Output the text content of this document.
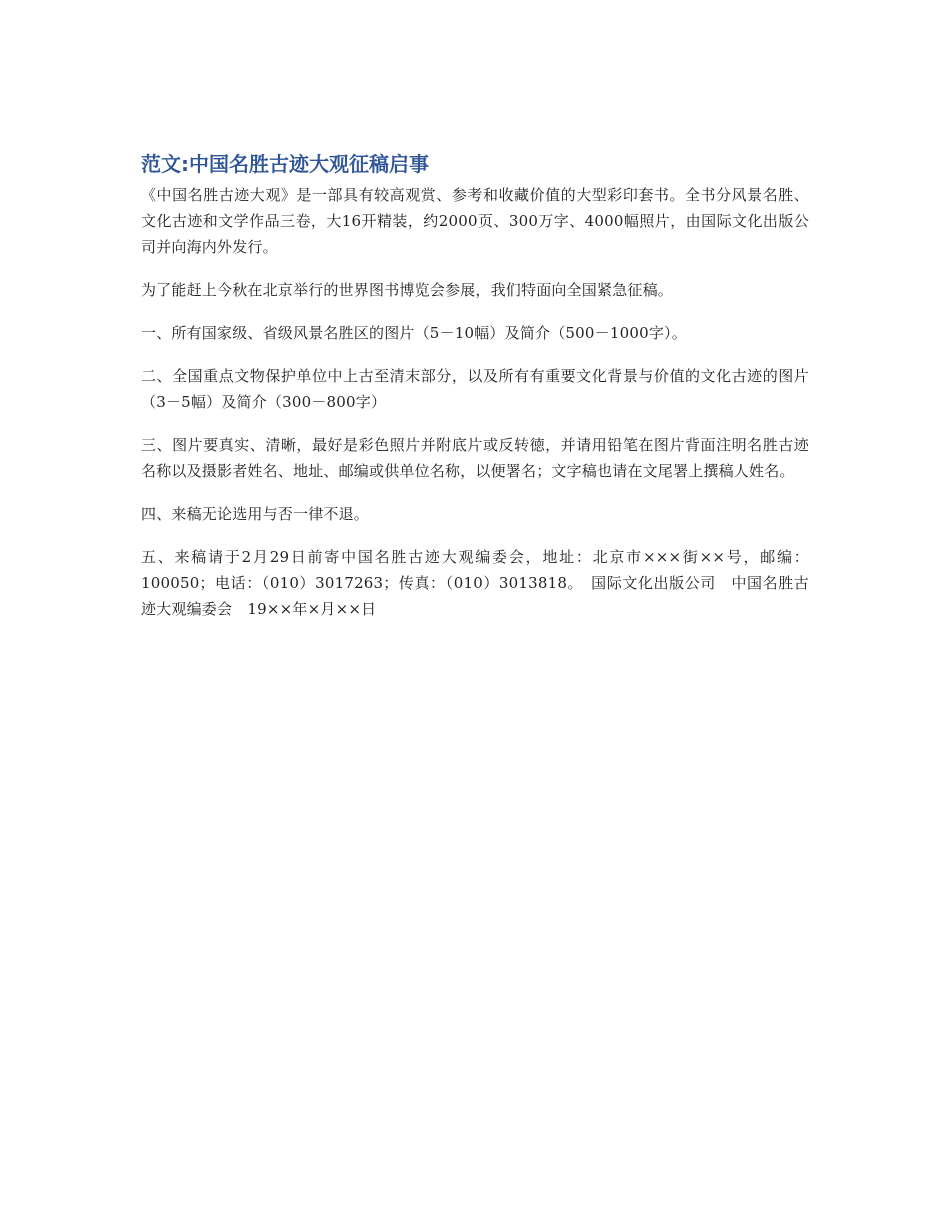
范文:中国名胜古迹大观征稿启事

《中国名胜古迹大观》是一部具有较高观赏、参考和收藏价值的大型彩印套书。全书分风景名胜、文化古迹和文学作品三卷，大16开精装，约2000页、300万字、4000幅照片，由国际文化出版公司并向海内外发行。

为了能赶上今秋在北京举行的世界图书博览会参展，我们特面向全国紧急征稿。

一、所有国家级、省级风景名胜区的图片（5－10幅）及简介（500－1000字）。

二、全国重点文物保护单位中上古至清末部分，以及所有有重要文化背景与价值的文化古迹的图片（3－5幅）及简介（300－800字）

三、图片要真实、清晰，最好是彩色照片并附底片或反转徳，并请用铅笔在图片背面注明名胜古迹名称以及摄影者姓名、地址、邮编或供单位名称，以便署名；文字稿也请在文尾署上撰稿人姓名。

四、来稿无论选用与否一律不退。

五、来稿请于2月29日前寄中国名胜古迹大观编委会，地址：北京市×××街××号，邮编：100050；电话：（010）3017263；传真：（010）3013818。　国际文化出版公司　中国名胜古迹大观编委会　19××年×月××日
